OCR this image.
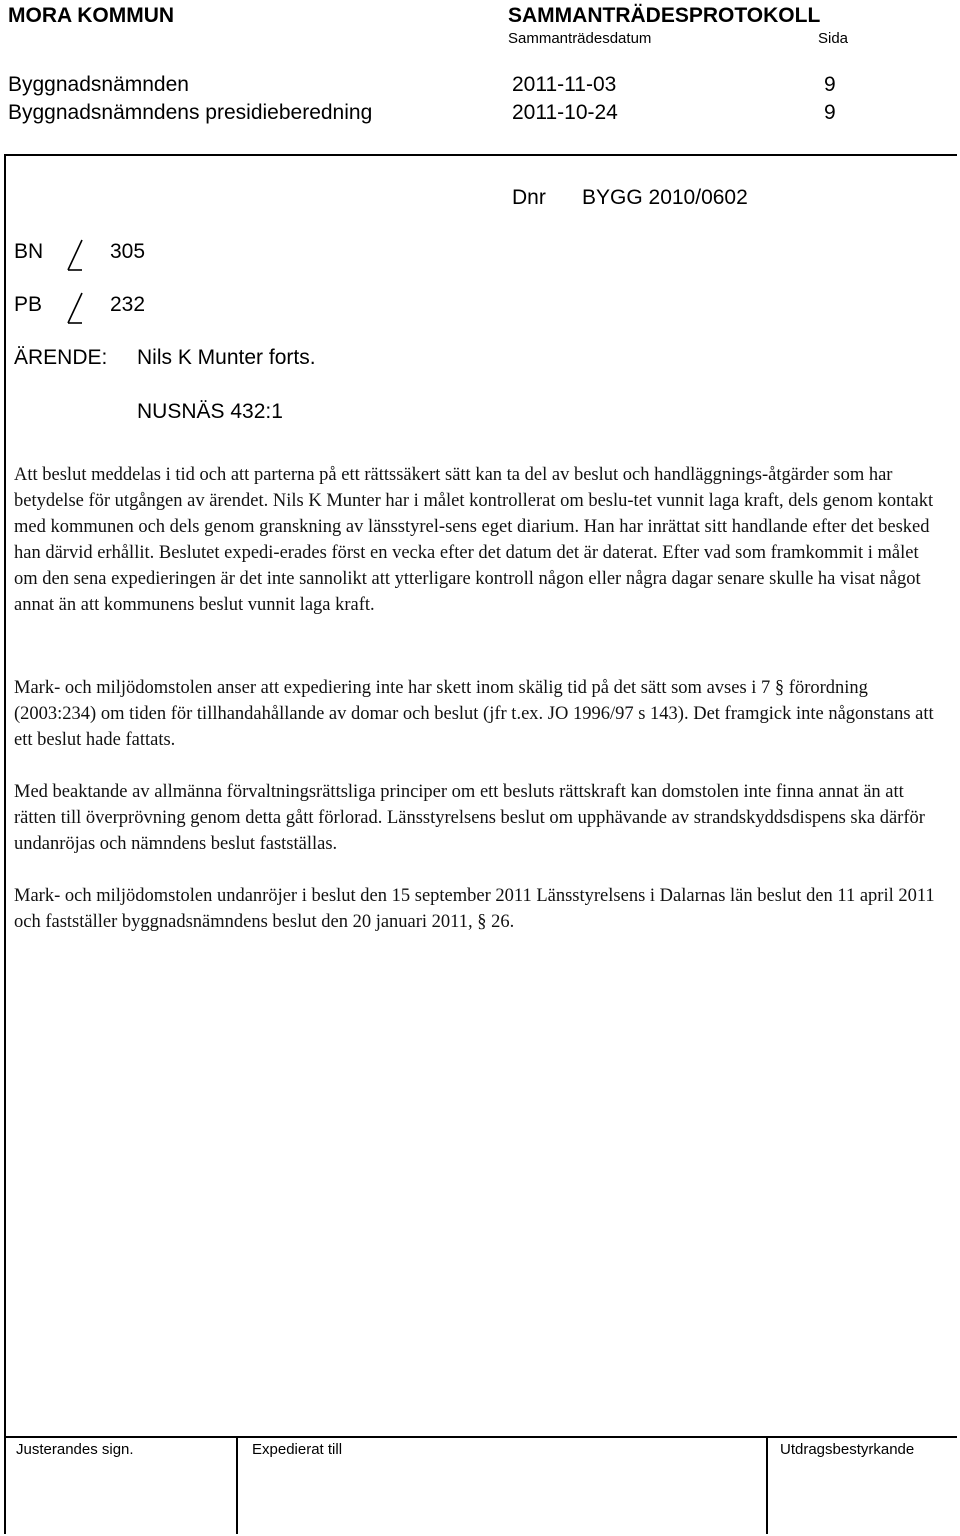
MORA KOMMUN	SAMMANTRÄDESPROTOKOLL
Sammanträdesdatum	Sida
Byggnadsnämnden	2011-11-03	9
Byggnadsnämndens presidieberedning	2011-10-24	9
Dnr BYGG 2010/0602
BN	305
PB	232
ÄRENDE: Nils K Munter forts.
NUSNÄS 432:1

Att beslut meddelas i tid och att parterna på ett rättssäkert sätt kan ta del av beslut och handläggnings-åtgärder som har betydelse för utgången av ärendet. Nils K Munter har i målet kontrollerat om beslu-tet vunnit laga kraft, dels genom kontakt med kommunen och dels genom granskning av länsstyrel-sens eget diarium. Han har inrättat sitt handlande efter det besked han därvid erhållit. Beslutet expedi-erades först en vecka efter det datum det är daterat. Efter vad som framkommit i målet om den sena expedieringen är det inte sannolikt att ytterligare kontroll någon eller några dagar senare skulle ha visat något annat än att kommunens beslut vunnit laga kraft.

Mark- och miljödomstolen anser att expediering inte har skett inom skälig tid på det sätt som avses i 7 § förordning (2003:234) om tiden för tillhandahållande av domar och beslut (jfr t.ex. JO 1996/97 s 143). Det framgick inte någonstans att ett beslut hade fattats.

Med beaktande av allmänna förvaltningsrättsliga principer om ett besluts rättskraft kan domstolen inte finna annat än att rätten till överprövning genom detta gått förlorad. Länsstyrelsens beslut om upphävande av strandskyddsdispens ska därför undanröjas och nämndens beslut fastställas.

Mark- och miljödomstolen undanröjer i beslut den 15 september 2011 Länsstyrelsens i Dalarnas län beslut den 11 april 2011 och fastställer byggnadsnämndens beslut den 20 januari 2011, § 26.

Justerandes sign.	Expedierat till	Utdragsbestyrkande
